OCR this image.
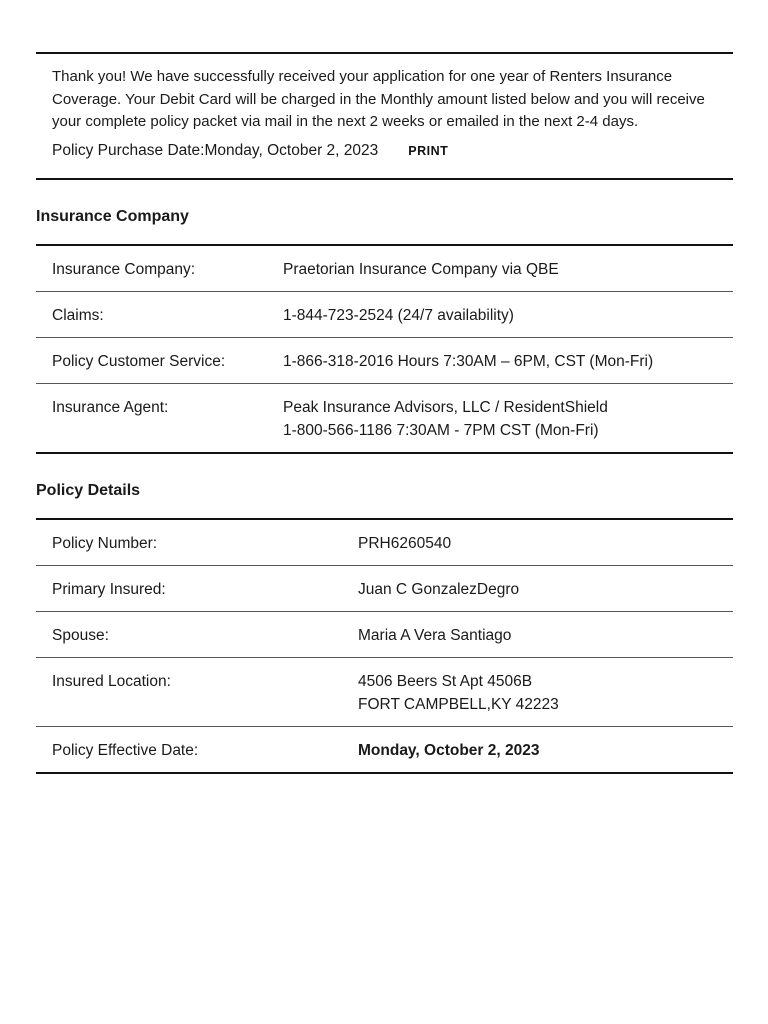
Thank you! We have successfully received your application for one year of Renters Insurance Coverage. Your Debit Card will be charged in the Monthly amount listed below and you will receive your complete policy packet via mail in the next 2 weeks or emailed in the next 2-4 days.

Policy Purchase Date: Monday, October 2, 2023 PRINT
Insurance Company
Insurance Company:	Praetorian Insurance Company via QBE
Claims:	1-844-723-2524 (24/7 availability)
Policy Customer Service:	1-866-318-2016 Hours 7:30AM – 6PM, CST (Mon-Fri)
Insurance Agent:	Peak Insurance Advisors, LLC / ResidentShield
1-800-566-1186 7:30AM - 7PM CST (Mon-Fri)
Policy Details
Policy Number:	PRH6260540
Primary Insured:	Juan C GonzalezDegro
Spouse:	Maria A Vera Santiago
Insured Location:	4506 Beers St Apt 4506B
FORT CAMPBELL,KY 42223
Policy Effective Date:	Monday, October 2, 2023
